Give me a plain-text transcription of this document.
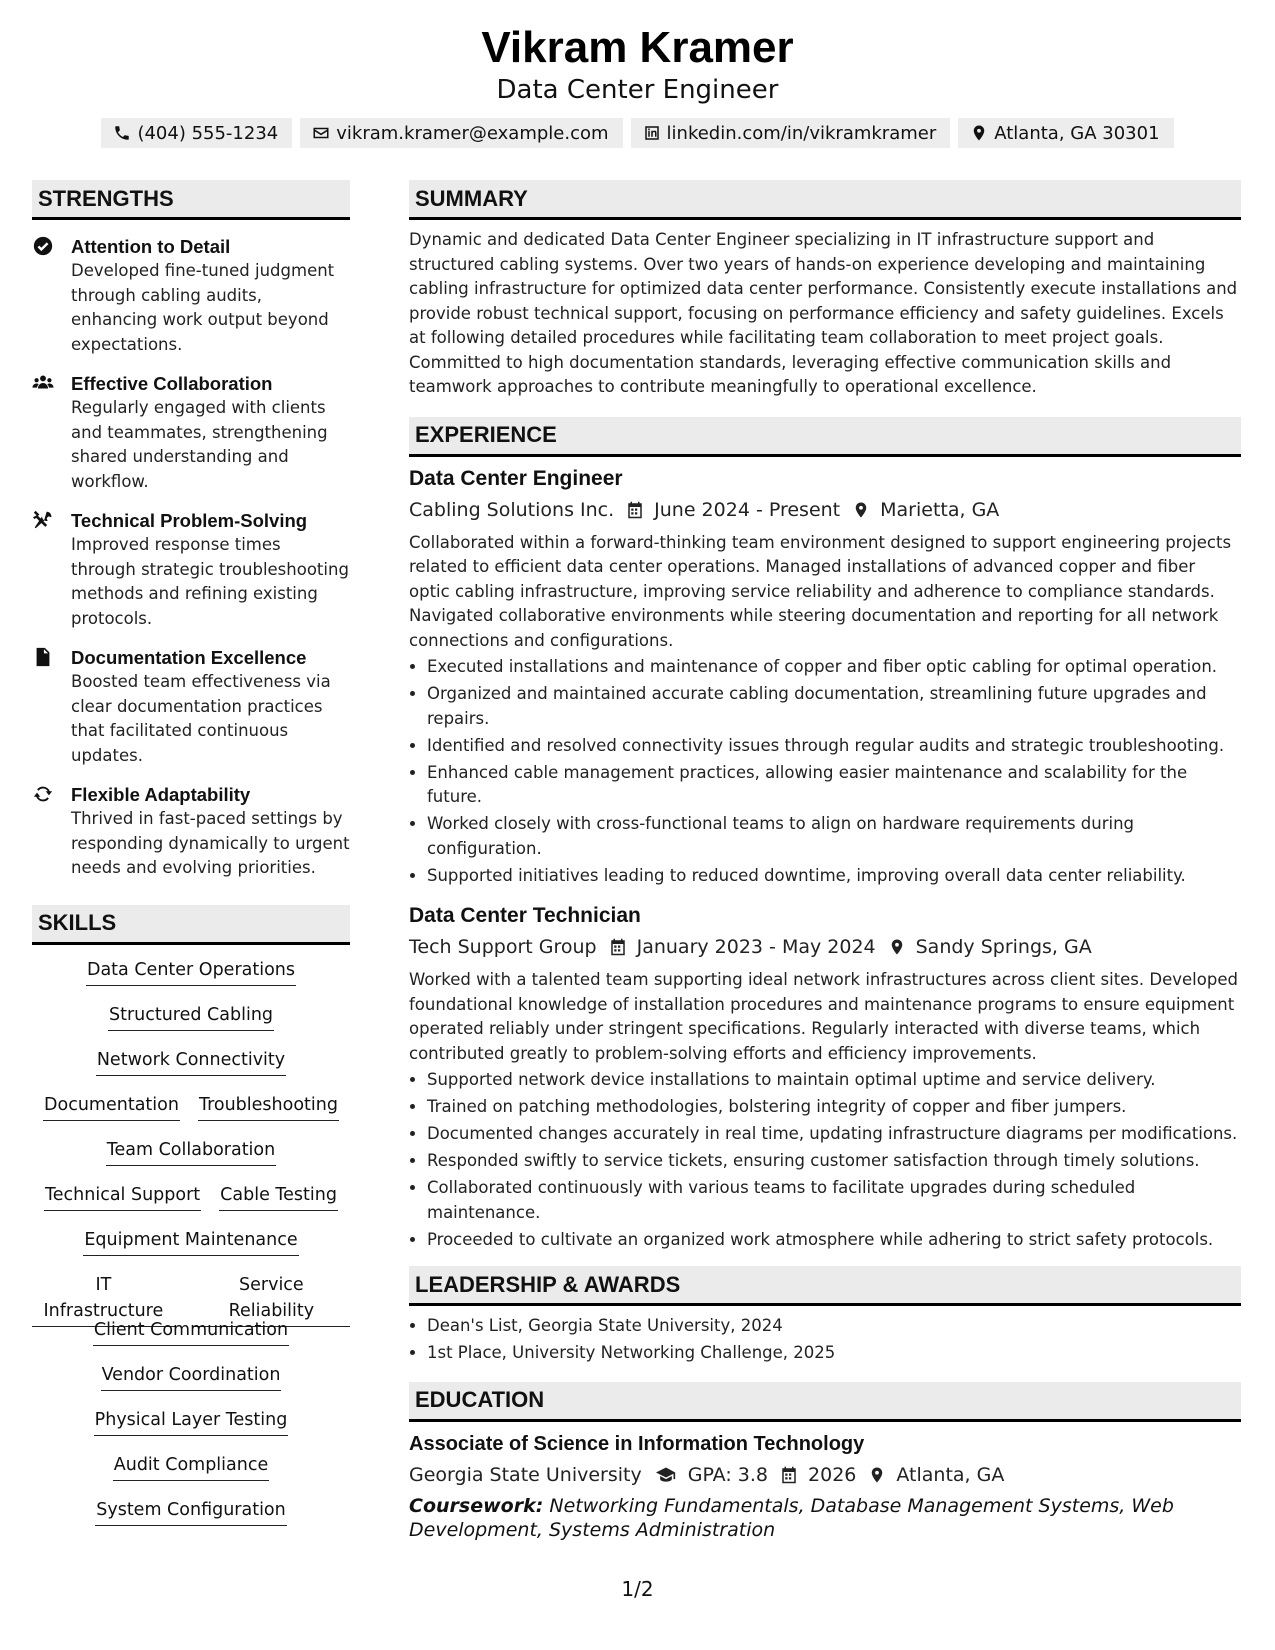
Vikram Kramer
Data Center Engineer
(404) 555-1234	vikram.kramer@example.com	linkedin.com/in/vikramkramer	Atlanta, GA 30301
STRENGTHS
Attention to Detail
Developed fine-tuned judgment through cabling audits, enhancing work output beyond expectations.
Effective Collaboration
Regularly engaged with clients and teammates, strengthening shared understanding and workflow.
Technical Problem-Solving
Improved response times through strategic troubleshooting methods and refining existing protocols.
Documentation Excellence
Boosted team effectiveness via clear documentation practices that facilitated continuous updates.
Flexible Adaptability
Thrived in fast-paced settings by responding dynamically to urgent needs and evolving priorities.
SKILLS
Data Center Operations
Structured Cabling
Network Connectivity
Documentation Troubleshooting
Team Collaboration
Technical Support Cable Testing
Equipment Maintenance
IT Infrastructure
Service Reliability
Client Communication
Vendor Coordination
Physical Layer Testing
Audit Compliance
System Configuration
SUMMARY
Dynamic and dedicated Data Center Engineer specializing in IT infrastructure support and structured cabling systems. Over two years of hands-on experience developing and maintaining cabling infrastructure for optimized data center performance. Consistently execute installations and provide robust technical support, focusing on performance efficiency and safety guidelines. Excels at following detailed procedures while facilitating team collaboration to meet project goals. Committed to high documentation standards, leveraging effective communication skills and teamwork approaches to contribute meaningfully to operational excellence.
EXPERIENCE
Data Center Engineer
Cabling Solutions Inc. June 2024 - Present Marietta, GA
Collaborated within a forward-thinking team environment designed to support engineering projects related to efficient data center operations. Managed installations of advanced copper and fiber optic cabling infrastructure, improving service reliability and adherence to compliance standards. Navigated collaborative environments while steering documentation and reporting for all network connections and configurations.
• Executed installations and maintenance of copper and fiber optic cabling for optimal operation.
• Organized and maintained accurate cabling documentation, streamlining future upgrades and repairs.
• Identified and resolved connectivity issues through regular audits and strategic troubleshooting.
• Enhanced cable management practices, allowing easier maintenance and scalability for the future.
• Worked closely with cross-functional teams to align on hardware requirements during configuration.
• Supported initiatives leading to reduced downtime, improving overall data center reliability.
Data Center Technician
Tech Support Group January 2023 - May 2024 Sandy Springs, GA
Worked with a talented team supporting ideal network infrastructures across client sites. Developed foundational knowledge of installation procedures and maintenance programs to ensure equipment operated reliably under stringent specifications. Regularly interacted with diverse teams, which contributed greatly to problem-solving efforts and efficiency improvements.
• Supported network device installations to maintain optimal uptime and service delivery.
• Trained on patching methodologies, bolstering integrity of copper and fiber jumpers.
• Documented changes accurately in real time, updating infrastructure diagrams per modifications.
• Responded swiftly to service tickets, ensuring customer satisfaction through timely solutions.
• Collaborated continuously with various teams to facilitate upgrades during scheduled maintenance.
• Proceeded to cultivate an organized work atmosphere while adhering to strict safety protocols.
LEADERSHIP & AWARDS
• Dean's List, Georgia State University, 2024
• 1st Place, University Networking Challenge, 2025
EDUCATION
Associate of Science in Information Technology
Georgia State University GPA: 3.8 2026 Atlanta, GA
Coursework: Networking Fundamentals, Database Management Systems, Web Development, Systems Administration
1/2
